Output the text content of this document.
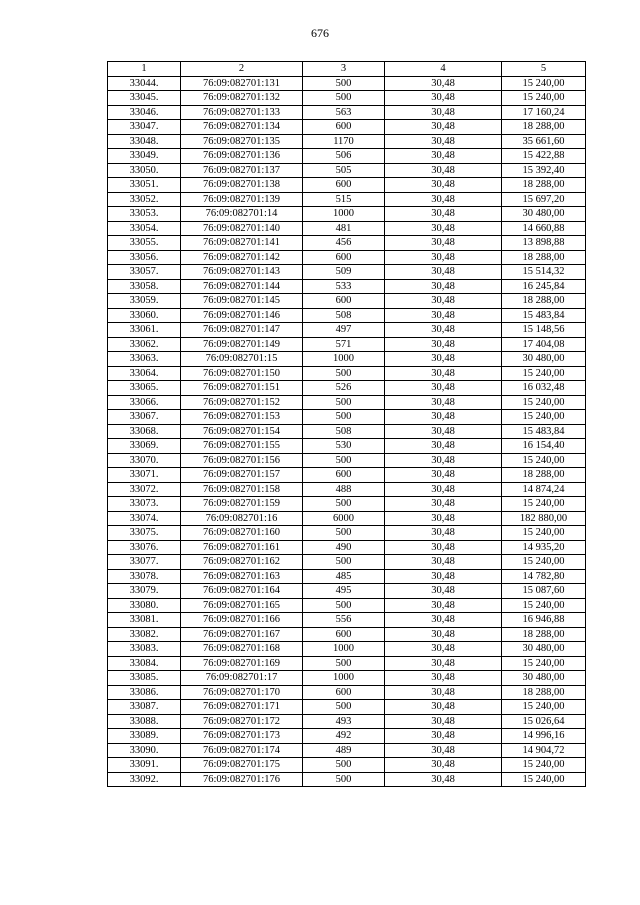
676
1	2	3	4	5
33044.	76:09:082701:131	500	30,48	15 240,00
33045.	76:09:082701:132	500	30,48	15 240,00
33046.	76:09:082701:133	563	30,48	17 160,24
33047.	76:09:082701:134	600	30,48	18 288,00
33048.	76:09:082701:135	1170	30,48	35 661,60
33049.	76:09:082701:136	506	30,48	15 422,88
33050.	76:09:082701:137	505	30,48	15 392,40
33051.	76:09:082701:138	600	30,48	18 288,00
33052.	76:09:082701:139	515	30,48	15 697,20
33053.	76:09:082701:14	1000	30,48	30 480,00
33054.	76:09:082701:140	481	30,48	14 660,88
33055.	76:09:082701:141	456	30,48	13 898,88
33056.	76:09:082701:142	600	30,48	18 288,00
33057.	76:09:082701:143	509	30,48	15 514,32
33058.	76:09:082701:144	533	30,48	16 245,84
33059.	76:09:082701:145	600	30,48	18 288,00
33060.	76:09:082701:146	508	30,48	15 483,84
33061.	76:09:082701:147	497	30,48	15 148,56
33062.	76:09:082701:149	571	30,48	17 404,08
33063.	76:09:082701:15	1000	30,48	30 480,00
33064.	76:09:082701:150	500	30,48	15 240,00
33065.	76:09:082701:151	526	30,48	16 032,48
33066.	76:09:082701:152	500	30,48	15 240,00
33067.	76:09:082701:153	500	30,48	15 240,00
33068.	76:09:082701:154	508	30,48	15 483,84
33069.	76:09:082701:155	530	30,48	16 154,40
33070.	76:09:082701:156	500	30,48	15 240,00
33071.	76:09:082701:157	600	30,48	18 288,00
33072.	76:09:082701:158	488	30,48	14 874,24
33073.	76:09:082701:159	500	30,48	15 240,00
33074.	76:09:082701:16	6000	30,48	182 880,00
33075.	76:09:082701:160	500	30,48	15 240,00
33076.	76:09:082701:161	490	30,48	14 935,20
33077.	76:09:082701:162	500	30,48	15 240,00
33078.	76:09:082701:163	485	30,48	14 782,80
33079.	76:09:082701:164	495	30,48	15 087,60
33080.	76:09:082701:165	500	30,48	15 240,00
33081.	76:09:082701:166	556	30,48	16 946,88
33082.	76:09:082701:167	600	30,48	18 288,00
33083.	76:09:082701:168	1000	30,48	30 480,00
33084.	76:09:082701:169	500	30,48	15 240,00
33085.	76:09:082701:17	1000	30,48	30 480,00
33086.	76:09:082701:170	600	30,48	18 288,00
33087.	76:09:082701:171	500	30,48	15 240,00
33088.	76:09:082701:172	493	30,48	15 026,64
33089.	76:09:082701:173	492	30,48	14 996,16
33090.	76:09:082701:174	489	30,48	14 904,72
33091.	76:09:082701:175	500	30,48	15 240,00
33092.	76:09:082701:176	500	30,48	15 240,00
